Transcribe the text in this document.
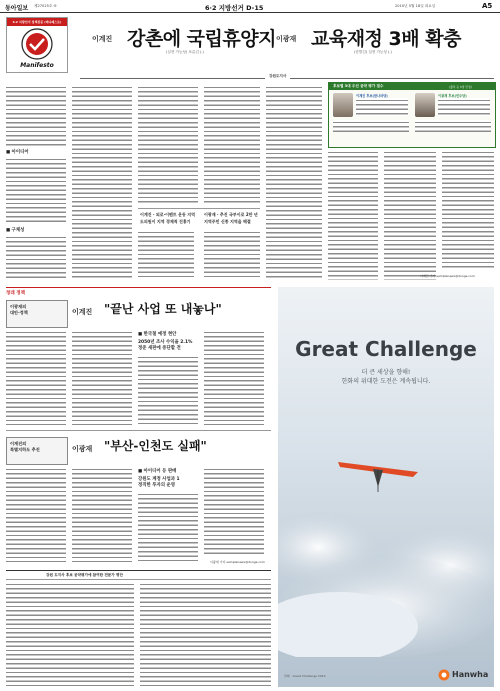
동아일보 제27025호 ⑤	6·2 지방선거 D-15	2010년 5월 18일 화요일	A5
6·2 지방선거 정책검증 (매니페스토)
Manifesto
이계진 강촌에 국립휴양지
(실현 가능성) 포름김 (.)
이광재 교육재정 3배 확충
(한발김) 실현 가능성 (.)
강원도지사
■ 아이디어
■ 구체성
이계진 · 외로·이벤트 운동 지역
도의원이 지역 경제적 진흥기
이광재 · 추진 국부이로 2만 년
지역주민 신종 지역을 해결
이계진 기자 samplenews@donga.com
후보별 3대 우선 공약 평가 점수	(출처 등 5점 만점)
이계진 후보(한나라당)	이광재 후보(민주당)
청래 정책
이광재의
대안·정책	이계진 "끝난 사업 또 내놓나"
■ 한국철 예정 현안
2050년 조사 수익을 2.1%
정준 새판에 중단할 전
이계진의
특별지하도 추진	이광재 "부산-인천도 실패"
■ 아이디어 등 판매
강원도 계정 사업과 1
정직한 투자의 운영
이광재 기자 samplenews@donga.com
강원 도지사 후보 공약평가에 참여한 전문가 명단
Great Challenge
더 큰 세상을 향해!
한화의 위대한 도전은 계속됩니다.
Hanwha
한화 · Great Challenge 2010
